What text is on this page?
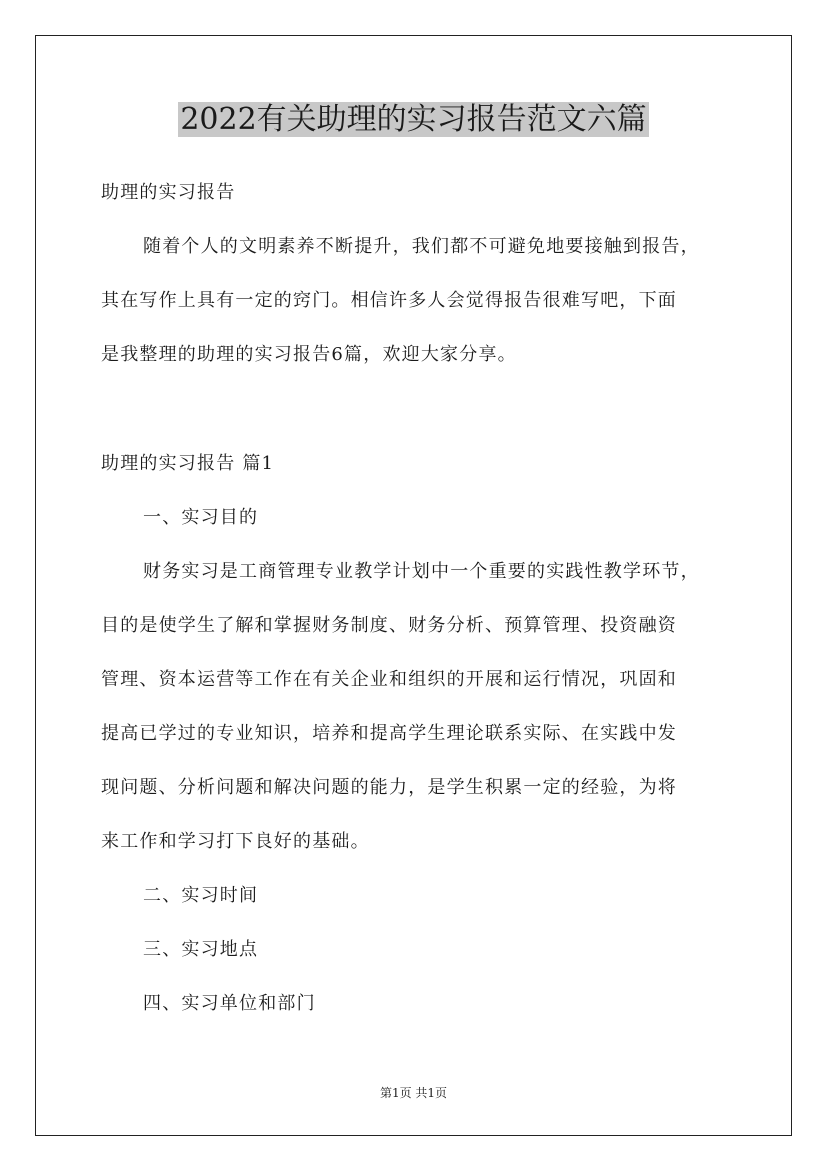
2022有关助理的实习报告范文六篇
助理的实习报告
随着个人的文明素养不断提升，我们都不可避免地要接触到报告，
其在写作上具有一定的窍门。相信许多人会觉得报告很难写吧，下面
是我整理的助理的实习报告6篇，欢迎大家分享。
助理的实习报告 篇1
一、实习目的
财务实习是工商管理专业教学计划中一个重要的实践性教学环节，
目的是使学生了解和掌握财务制度、财务分析、预算管理、投资融资
管理、资本运营等工作在有关企业和组织的开展和运行情况，巩固和
提高已学过的专业知识，培养和提高学生理论联系实际、在实践中发
现问题、分析问题和解决问题的能力，是学生积累一定的经验，为将
来工作和学习打下良好的基础。
二、实习时间
三、实习地点
四、实习单位和部门
第1页 共1页
